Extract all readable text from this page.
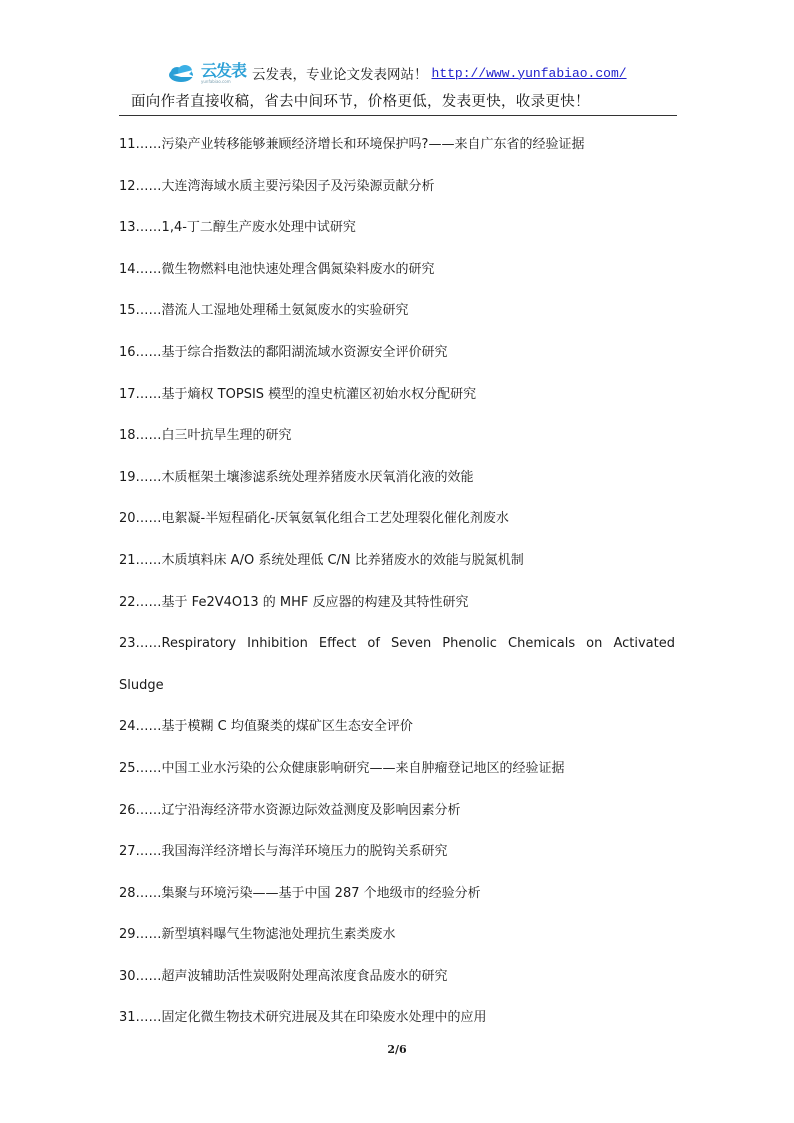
云发表
yunfabiao.com	云发表，专业论文发表网站！ http://www.yunfabiao.com/
面向作者直接收稿，省去中间环节，价格更低，发表更快，收录更快！
11……污染产业转移能够兼顾经济增长和环境保护吗?——来自广东省的经验证据
12……大连湾海域水质主要污染因子及污染源贡献分析
13……1,4-丁二醇生产废水处理中试研究
14……微生物燃料电池快速处理含偶氮染料废水的研究
15……潜流人工湿地处理稀土氨氮废水的实验研究
16……基于综合指数法的鄱阳湖流域水资源安全评价研究
17……基于熵权 TOPSIS 模型的湟史杭灌区初始水权分配研究
18……白三叶抗旱生理的研究
19……木质框架土壤渗滤系统处理养猪废水厌氧消化液的效能
20……电絮凝-半短程硝化-厌氧氨氧化组合工艺处理裂化催化剂废水
21……木质填料床 A/O 系统处理低 C/N 比养猪废水的效能与脱氮机制
22……基于 Fe2V4O13 的 MHF 反应器的构建及其特性研究
23……Respiratory Inhibition Effect of Seven Phenolic Chemicals on Activated
Sludge
24……基于模糊 C 均值聚类的煤矿区生态安全评价
25……中国工业水污染的公众健康影响研究——来自肿瘤登记地区的经验证据
26……辽宁沿海经济带水资源边际效益测度及影响因素分析
27……我国海洋经济增长与海洋环境压力的脱钩关系研究
28……集聚与环境污染——基于中国 287 个地级市的经验分析
29……新型填料曝气生物滤池处理抗生素类废水
30……超声波辅助活性炭吸附处理高浓度食品废水的研究
31……固定化微生物技术研究进展及其在印染废水处理中的应用
2/6
